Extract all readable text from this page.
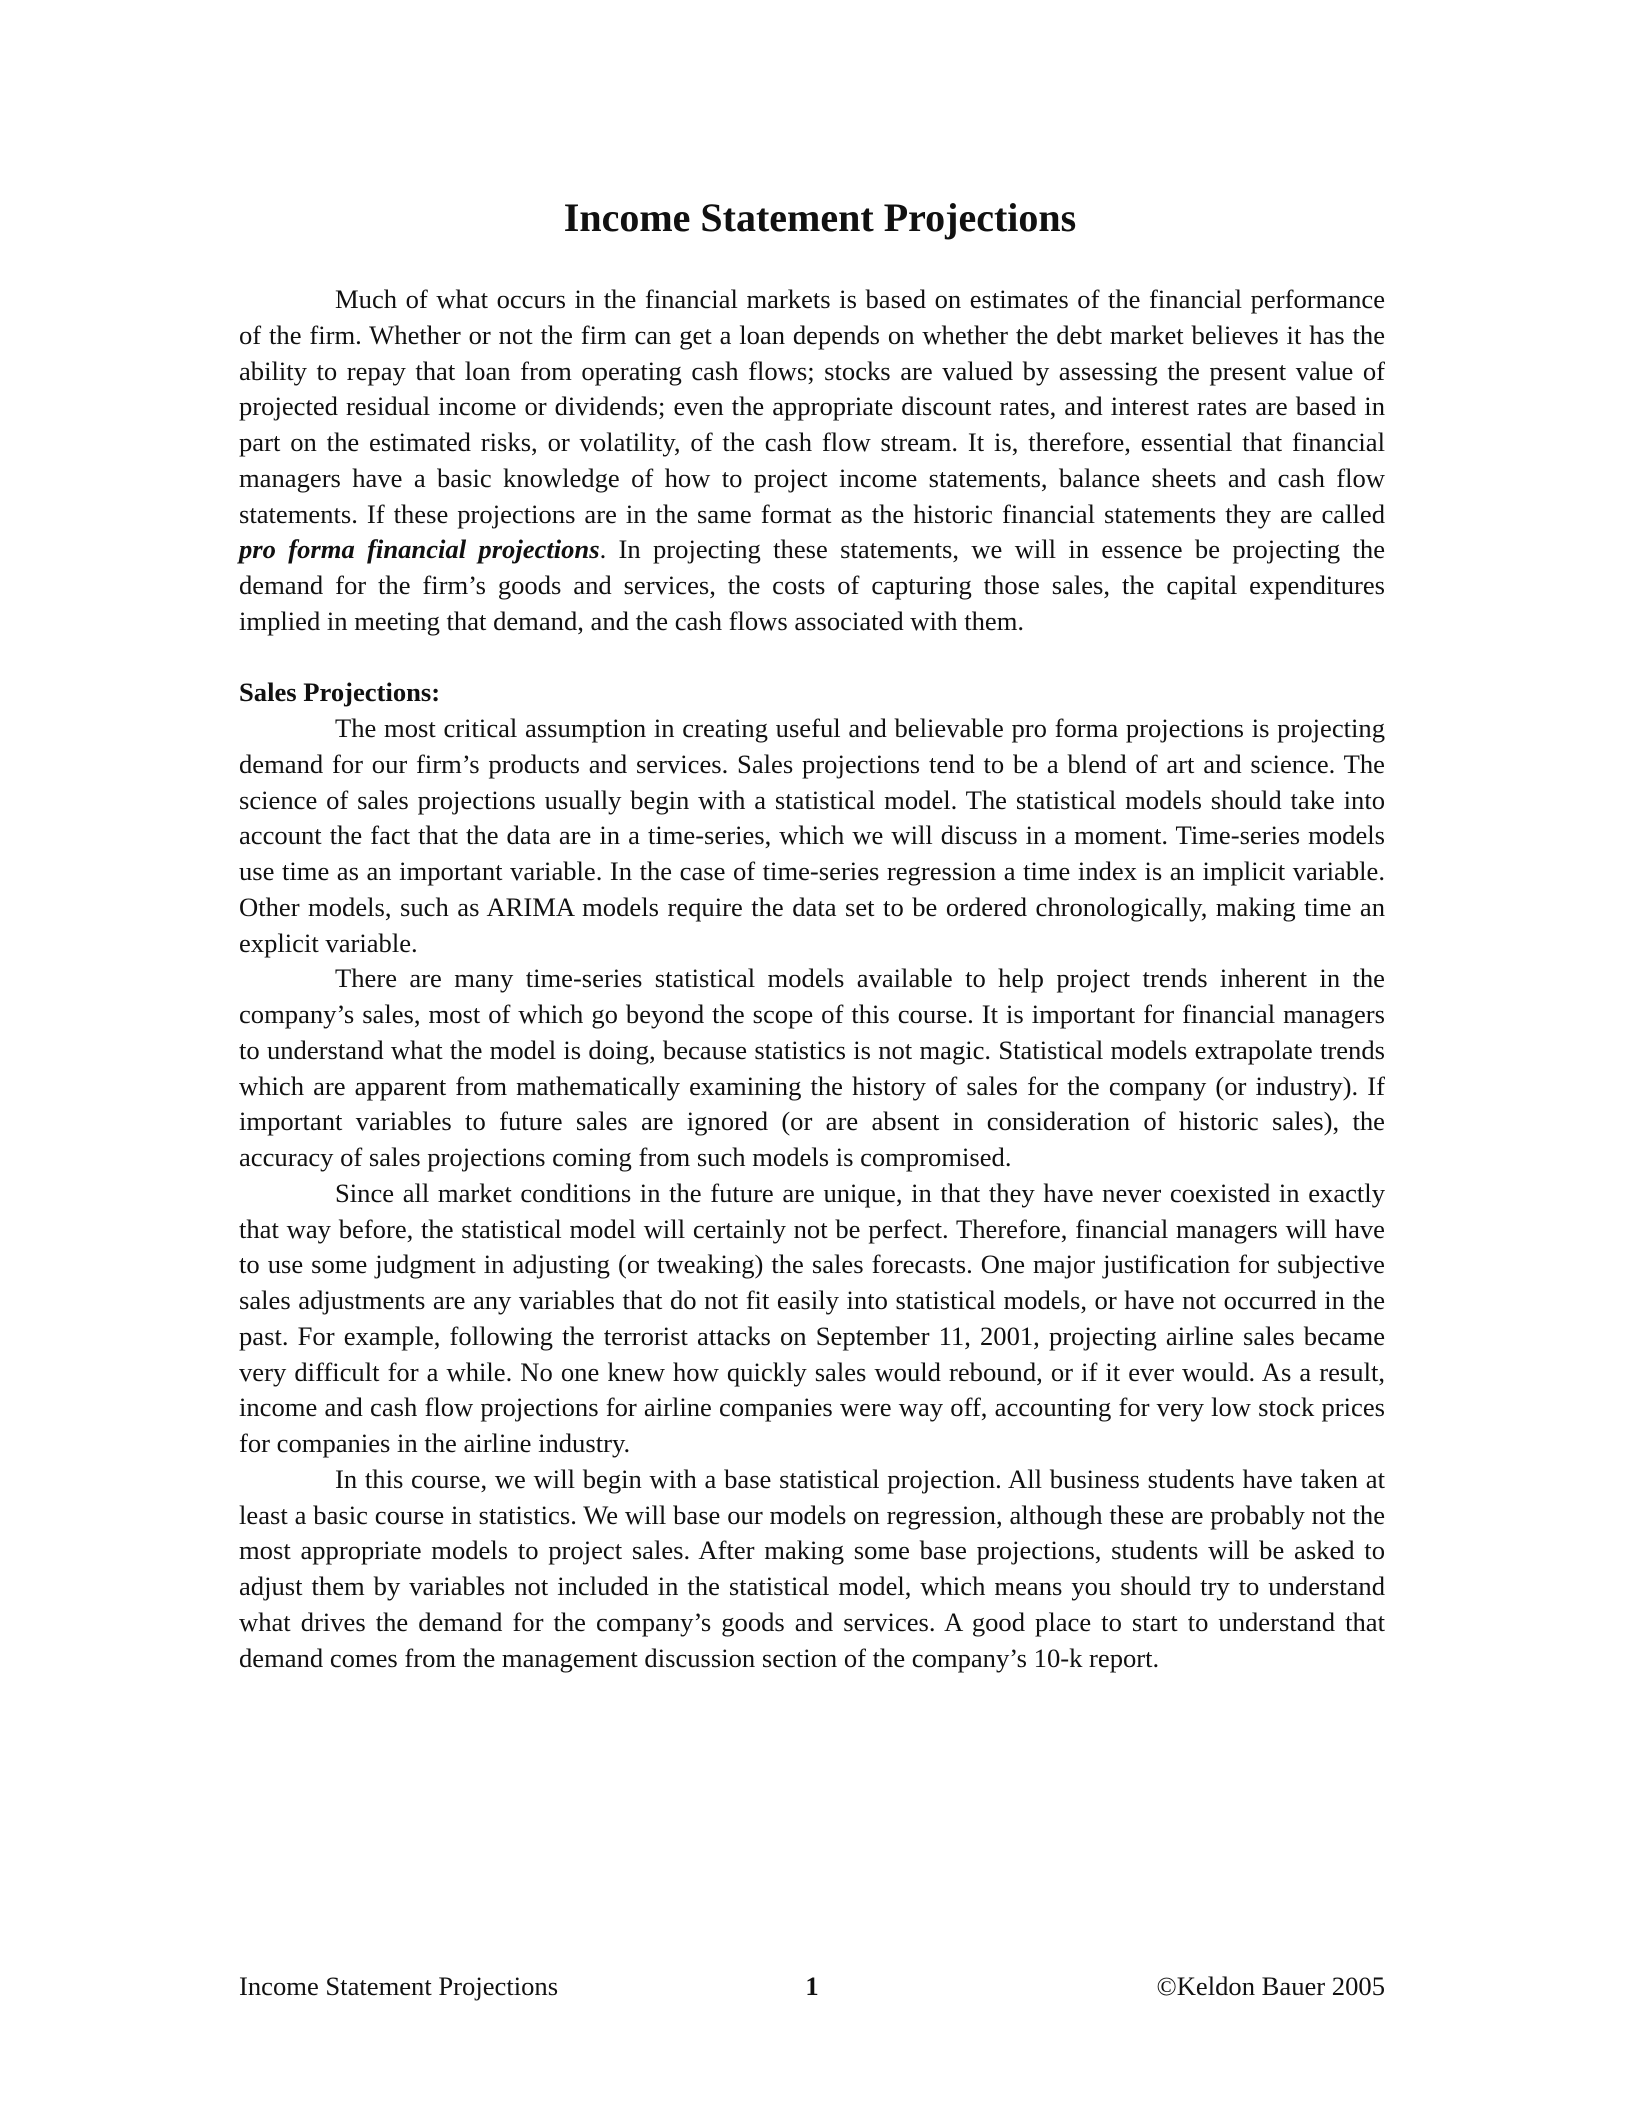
Income Statement Projections

Much of what occurs in the financial markets is based on estimates of the financial performance of the firm. Whether or not the firm can get a loan depends on whether the debt market believes it has the ability to repay that loan from operating cash flows; stocks are valued by assessing the present value of projected residual income or dividends; even the appropriate discount rates, and interest rates are based in part on the estimated risks, or volatility, of the cash flow stream. It is, therefore, essential that financial managers have a basic knowledge of how to project income statements, balance sheets and cash flow statements. If these projections are in the same format as the historic financial statements they are called pro forma financial projections. In projecting these statements, we will in essence be projecting the demand for the firm’s goods and services, the costs of capturing those sales, the capital expenditures implied in meeting that demand, and the cash flows associated with them.

Sales Projections:

The most critical assumption in creating useful and believable pro forma projections is projecting demand for our firm’s products and services. Sales projections tend to be a blend of art and science. The science of sales projections usually begin with a statistical model. The statistical models should take into account the fact that the data are in a time-series, which we will discuss in a moment. Time-series models use time as an important variable. In the case of time-series regression a time index is an implicit variable. Other models, such as ARIMA models require the data set to be ordered chronologically, making time an explicit variable.

There are many time-series statistical models available to help project trends inherent in the company’s sales, most of which go beyond the scope of this course. It is important for financial managers to understand what the model is doing, because statistics is not magic. Statistical models extrapolate trends which are apparent from mathematically examining the history of sales for the company (or industry). If important variables to future sales are ignored (or are absent in consideration of historic sales), the accuracy of sales projections coming from such models is compromised.

Since all market conditions in the future are unique, in that they have never coexisted in exactly that way before, the statistical model will certainly not be perfect. Therefore, financial managers will have to use some judgment in adjusting (or tweaking) the sales forecasts. One major justification for subjective sales adjustments are any variables that do not fit easily into statistical models, or have not occurred in the past. For example, following the terrorist attacks on September 11, 2001, projecting airline sales became very difficult for a while. No one knew how quickly sales would rebound, or if it ever would. As a result, income and cash flow projections for airline companies were way off, accounting for very low stock prices for companies in the airline industry.

In this course, we will begin with a base statistical projection. All business students have taken at least a basic course in statistics. We will base our models on regression, although these are probably not the most appropriate models to project sales. After making some base projections, students will be asked to adjust them by variables not included in the statistical model, which means you should try to understand what drives the demand for the company’s goods and services. A good place to start to understand that demand comes from the management discussion section of the company’s 10-k report.

Income Statement Projections	1	©Keldon Bauer 2005
